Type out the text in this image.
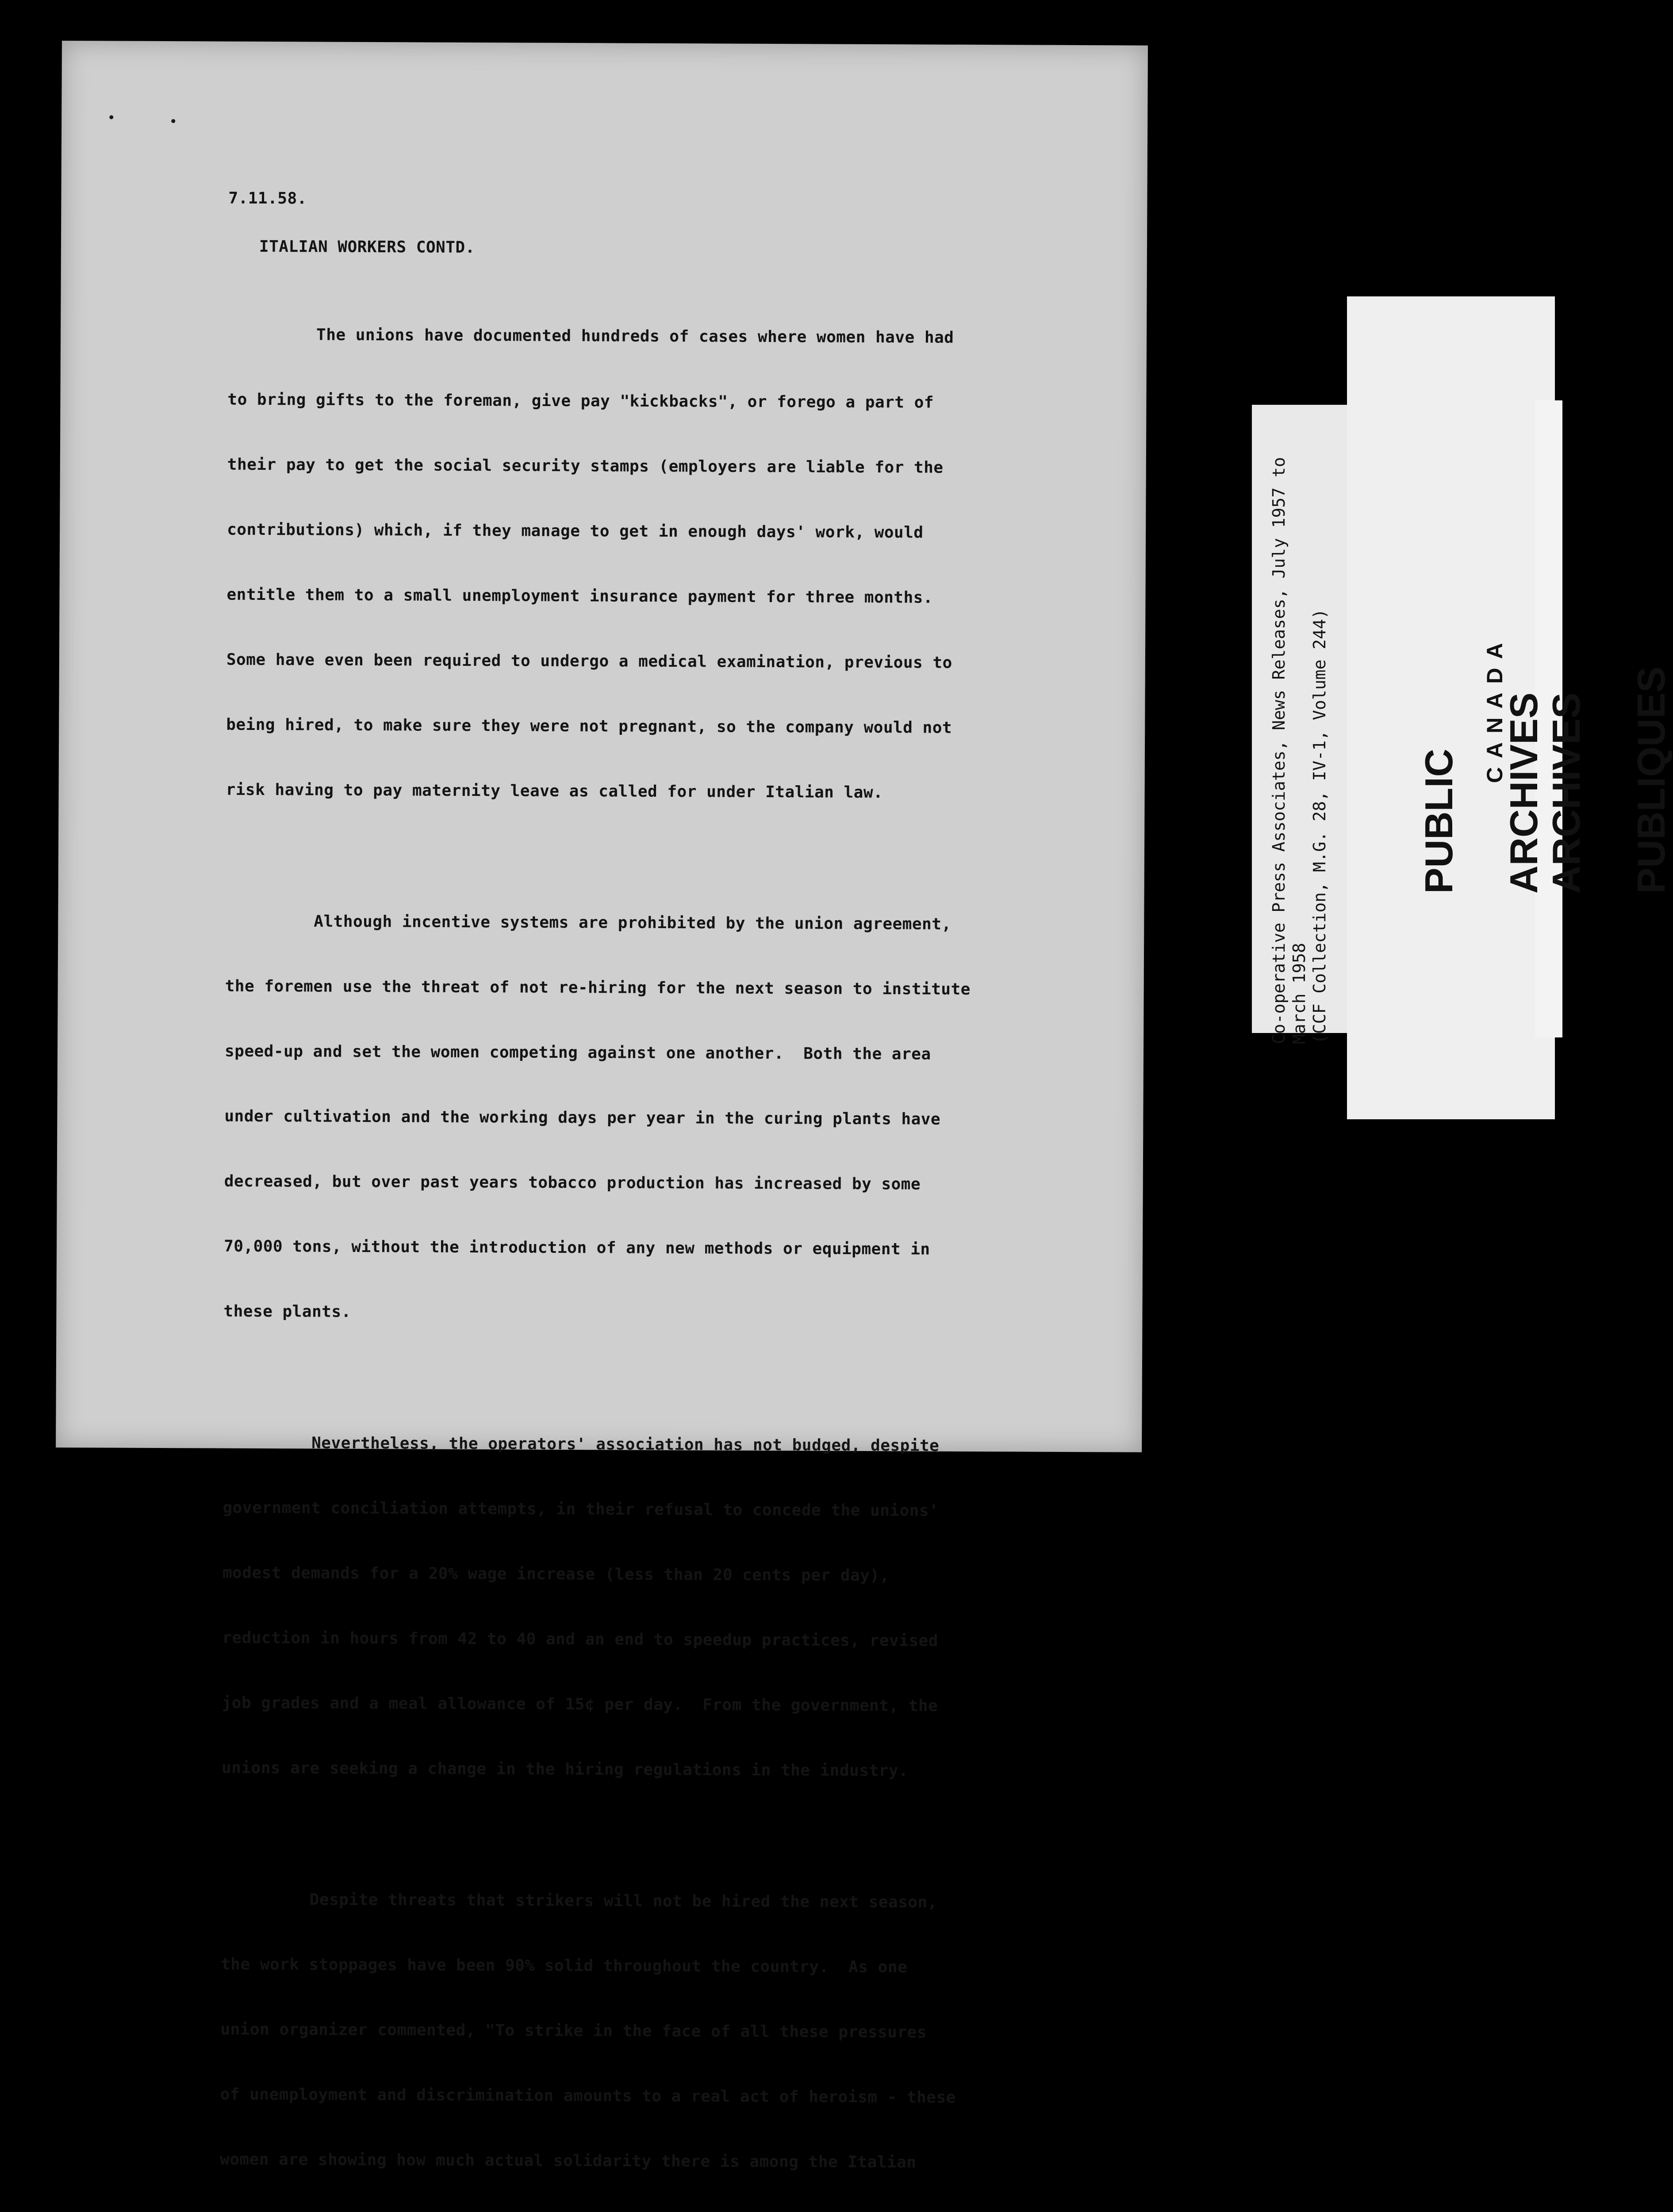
7.11.58.

ITALIAN WORKERS CONTD.

The unions have documented hundreds of cases where women have had

to bring gifts to the foreman, give pay "kickbacks", or forego a part of

their pay to get the social security stamps (employers are liable for the

contributions) which, if they manage to get in enough days' work, would

entitle them to a small unemployment insurance payment for three months.

Some have even been required to undergo a medical examination, previous to

being hired, to make sure they were not pregnant, so the company would not

risk having to pay maternity leave as called for under Italian law.

Although incentive systems are prohibited by the union agreement,

the foremen use the threat of not re-hiring for the next season to institute

speed-up and set the women competing against one another.  Both the area

under cultivation and the working days per year in the curing plants have

decreased, but over past years tobacco production has increased by some

70,000 tons, without the introduction of any new methods or equipment in

these plants.

Nevertheless, the operators' association has not budged, despite

government conciliation attempts, in their refusal to concede the unions'

modest demands for a 20% wage increase (less than 20 cents per day),

reduction in hours from 42 to 40 and an end to speedup practices, revised

job grades and a meal allowance of 15¢ per day.  From the government, the

unions are seeking a change in the hiring regulations in the industry.

Despite threats that strikers will not be hired the next season,

the work stoppages have been 90% solid throughout the country.  As one

union organizer commented, "To strike in the face of all these pressures

of unemployment and discrimination amounts to a real act of heroism - these

women are showing how much actual solidarity there is among the Italian

Co-operative Press Associates, News Releases, July 1957 to March 1958 (CCF Collection, M.G. 28, IV-1, Volume 244) PUBLIC ARCHIVES
ARCHIVES PUBLIQUES
CANADA
